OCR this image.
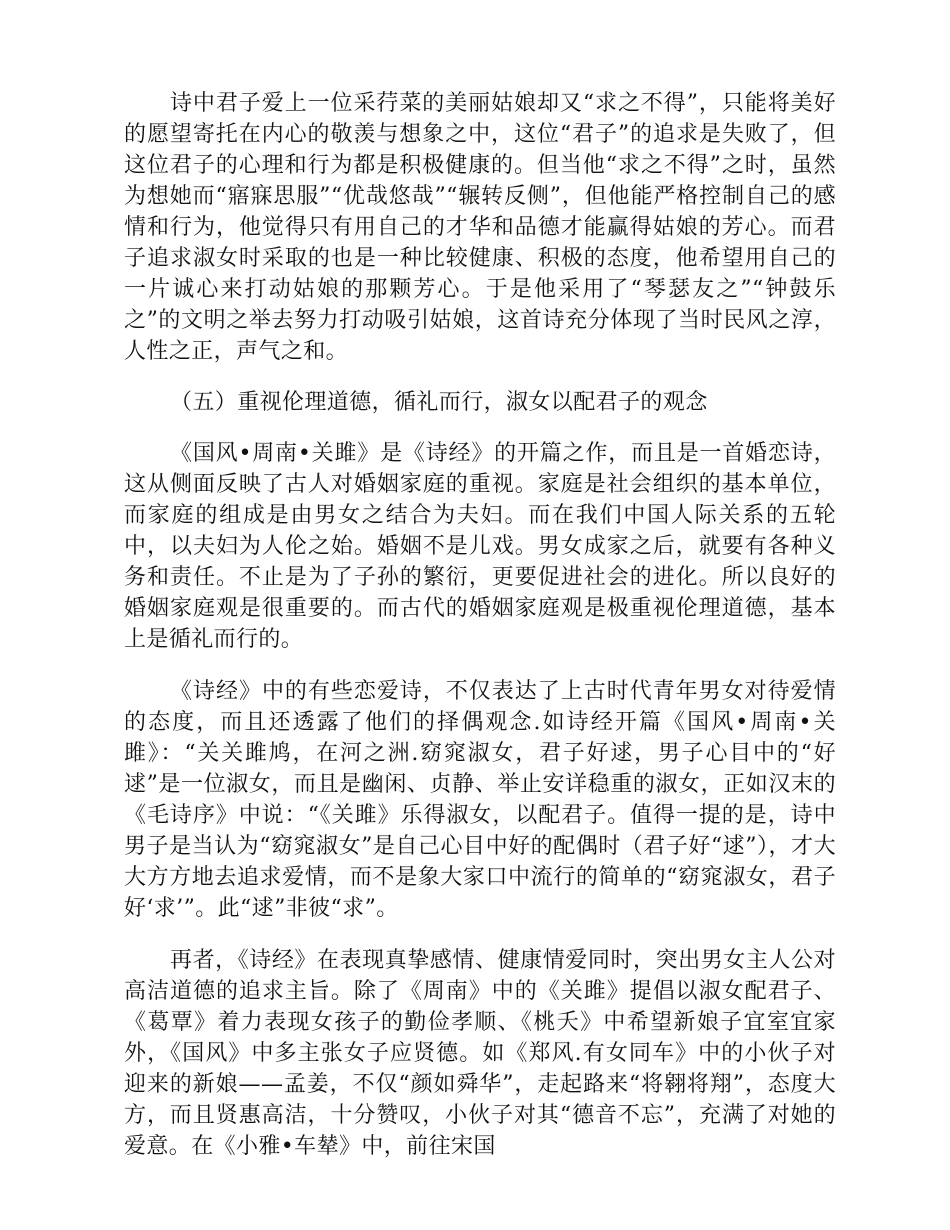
诗中君子爱上一位采荇菜的美丽姑娘却又“求之不得”，只能将美好的愿望寄托在内心的敬羡与想象之中，这位“君子”的追求是失败了，但这位君子的心理和行为都是积极健康的。但当他“求之不得”之时，虽然为想她而“寤寐思服”“优哉悠哉”“辗转反侧”，但他能严格控制自己的感情和行为，他觉得只有用自己的才华和品德才能赢得姑娘的芳心。而君子追求淑女时采取的也是一种比较健康、积极的态度，他希望用自己的一片诚心来打动姑娘的那颗芳心。于是他采用了“琴瑟友之”“钟鼓乐之”的文明之举去努力打动吸引姑娘，这首诗充分体现了当时民风之淳，人性之正，声气之和。

（五）重视伦理道德，循礼而行，淑女以配君子的观念

《国风•周南•关雎》是《诗经》的开篇之作，而且是一首婚恋诗，这从侧面反映了古人对婚姻家庭的重视。家庭是社会组织的基本单位，而家庭的组成是由男女之结合为夫妇。而在我们中国人际关系的五轮中，以夫妇为人伦之始。婚姻不是儿戏。男女成家之后，就要有各种义务和责任。不止是为了子孙的繁衍，更要促进社会的进化。所以良好的婚姻家庭观是很重要的。而古代的婚姻家庭观是极重视伦理道德，基本上是循礼而行的。

《诗经》中的有些恋爱诗，不仅表达了上古时代青年男女对待爱情的态度，而且还透露了他们的择偶观念.如诗经开篇《国风•周南•关雎》：“关关雎鸠，在河之洲.窈窕淑女，君子好逑，男子心目中的“好逑”是一位淑女，而且是幽闲、贞静、举止安详稳重的淑女，正如汉末的《毛诗序》中说：“《关雎》乐得淑女，以配君子。值得一提的是，诗中男子是当认为“窈窕淑女”是自己心目中好的配偶时（君子好“逑”），才大大方方地去追求爱情，而不是象大家口中流行的简单的“窈窕淑女，君子好‘求’”。此“逑”非彼“求”。

再者，《诗经》在表现真挚感情、健康情爱同时，突出男女主人公对高洁道德的追求主旨。除了《周南》中的《关雎》提倡以淑女配君子、《葛覃》着力表现女孩子的勤俭孝顺、《桃夭》中希望新娘子宜室宜家外，《国风》中多主张女子应贤德。如《郑风.有女同车》中的小伙子对迎来的新娘——孟姜，不仅“颜如舜华”，走起路来“将翱将翔”，态度大方，而且贤惠高洁，十分赞叹，小伙子对其“德音不忘”，充满了对她的爱意。在《小雅•车辇》中，前往宋国
